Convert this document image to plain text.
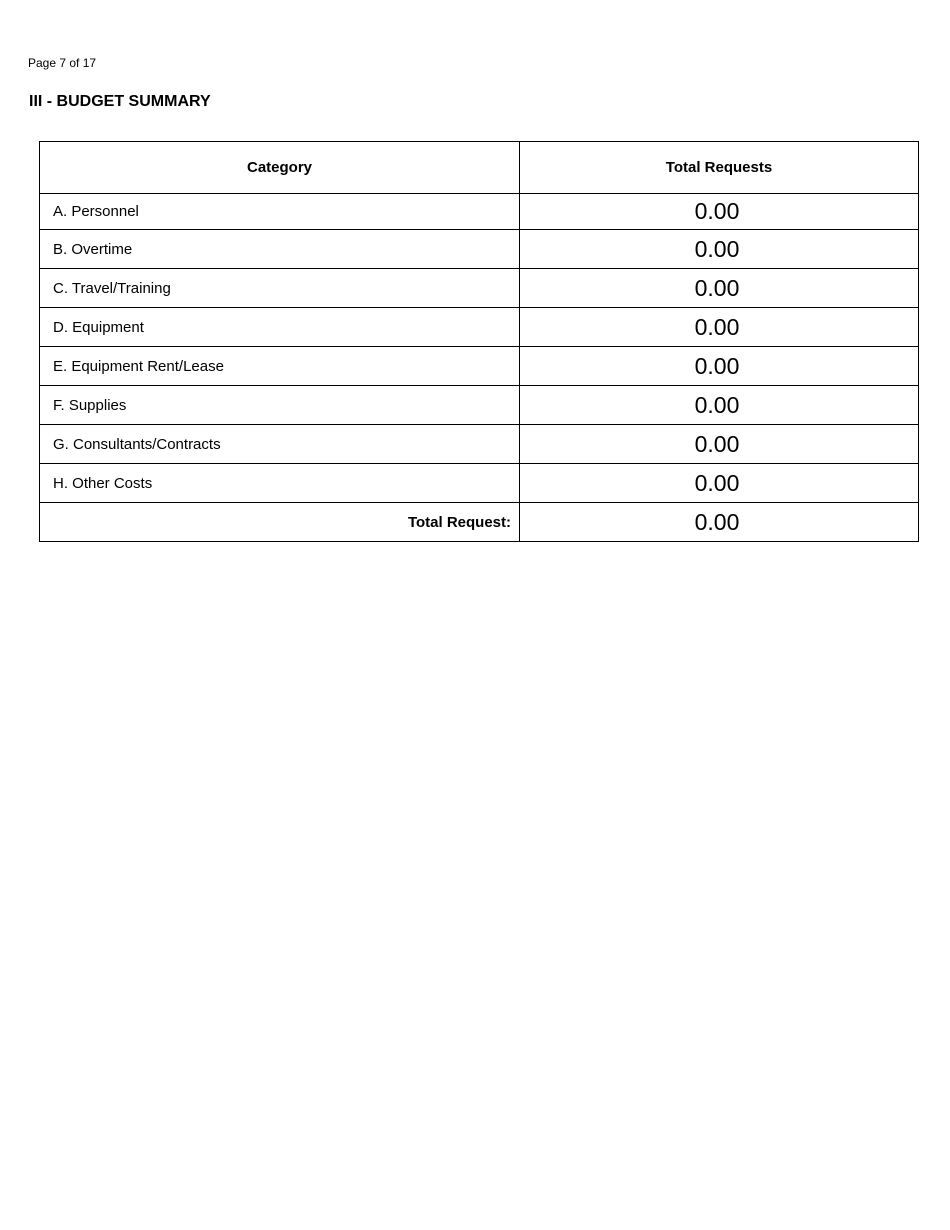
Page 7 of 17
III - BUDGET SUMMARY
Category	Total Requests
A. Personnel	0.00
B. Overtime	0.00
C. Travel/Training	0.00
D. Equipment	0.00
E. Equipment Rent/Lease	0.00
F. Supplies	0.00
G. Consultants/Contracts	0.00
H. Other Costs	0.00
Total Request:	0.00
